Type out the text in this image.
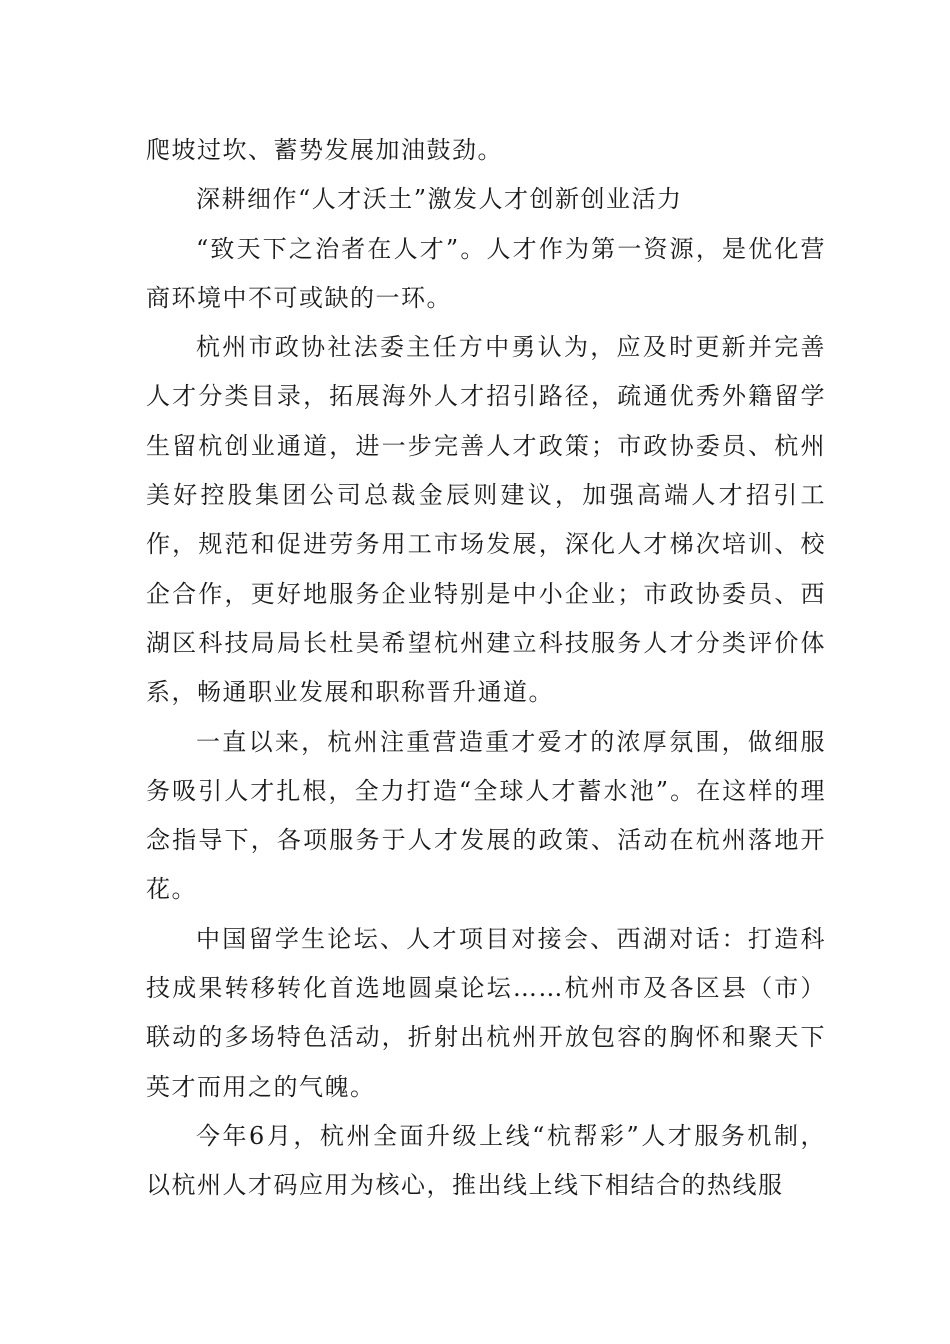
爬坡过坎、蓄势发展加油鼓劲。

深耕细作“人才沃土”激发人才创新创业活力

“致天下之治者在人才”。人才作为第一资源，是优化营商环境中不可或缺的一环。

杭州市政协社法委主任方中勇认为，应及时更新并完善人才分类目录，拓展海外人才招引路径，疏通优秀外籍留学生留杭创业通道，进一步完善人才政策；市政协委员、杭州美好控股集团公司总裁金辰则建议，加强高端人才招引工作，规范和促进劳务用工市场发展，深化人才梯次培训、校企合作，更好地服务企业特别是中小企业；市政协委员、西湖区科技局局长杜昊希望杭州建立科技服务人才分类评价体系，畅通职业发展和职称晋升通道。

一直以来，杭州注重营造重才爱才的浓厚氛围，做细服务吸引人才扎根，全力打造“全球人才蓄水池”。在这样的理念指导下，各项服务于人才发展的政策、活动在杭州落地开花。

中国留学生论坛、人才项目对接会、西湖对话：打造科技成果转移转化首选地圆桌论坛……杭州市及各区县（市）联动的多场特色活动，折射出杭州开放包容的胸怀和聚天下英才而用之的气魄。

今年6月，杭州全面升级上线“杭帮彩”人才服务机制，以杭州人才码应用为核心，推出线上线下相结合的热线服
